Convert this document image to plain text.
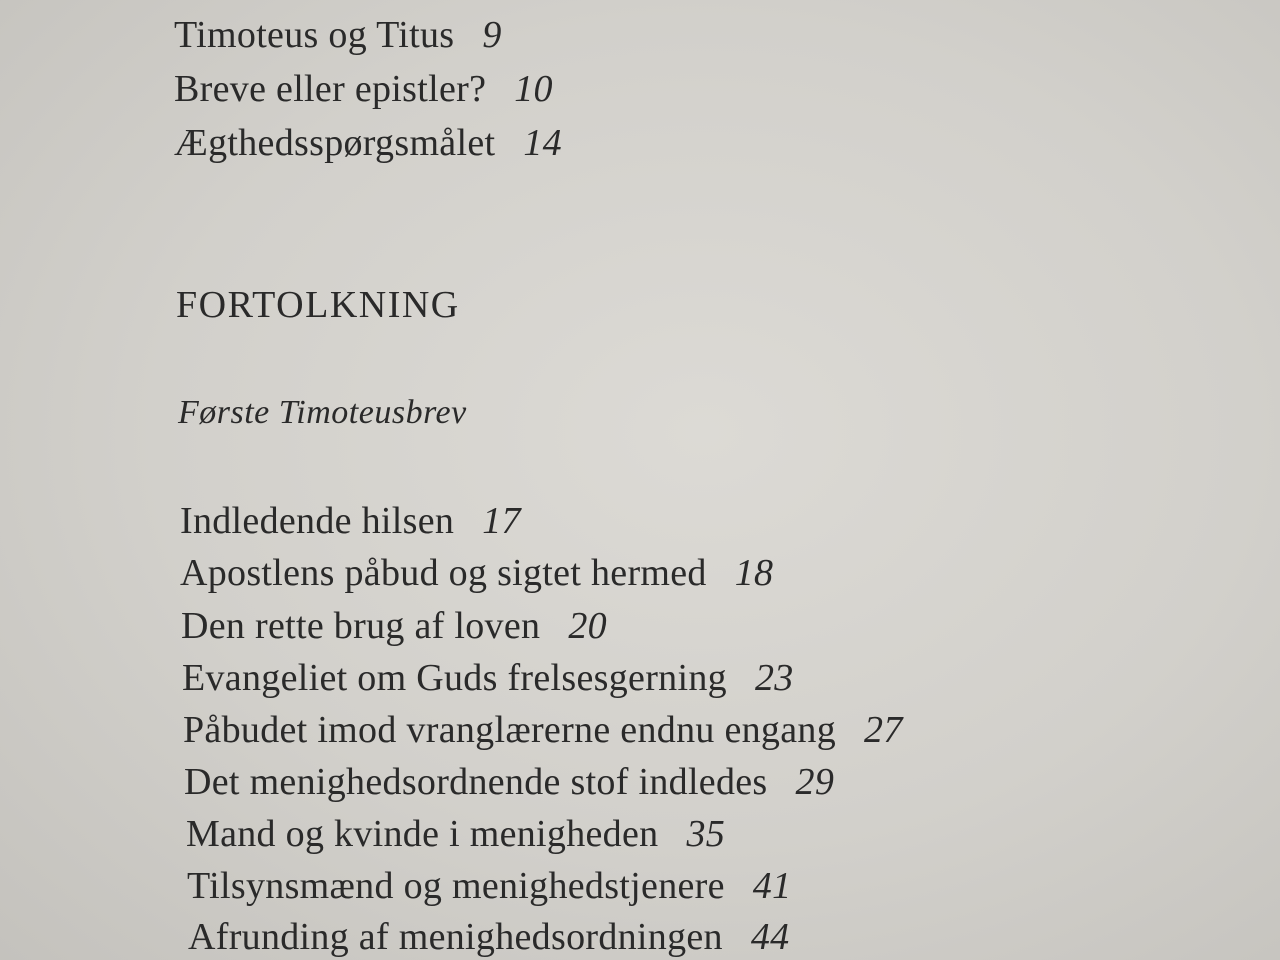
Timoteus og Titus 9
Breve eller epistler? 10
Ægthedsspørgsmålet 14
FORTOLKNING
Første Timoteusbrev
Indledende hilsen 17
Apostlens påbud og sigtet hermed 18
Den rette brug af loven 20
Evangeliet om Guds frelsesgerning 23
Påbudet imod vranglærerne endnu engang 27
Det menighedsordnende stof indledes 29
Mand og kvinde i menigheden 35
Tilsynsmænd og menighedstjenere 41
Afrunding af menighedsordningen 44
